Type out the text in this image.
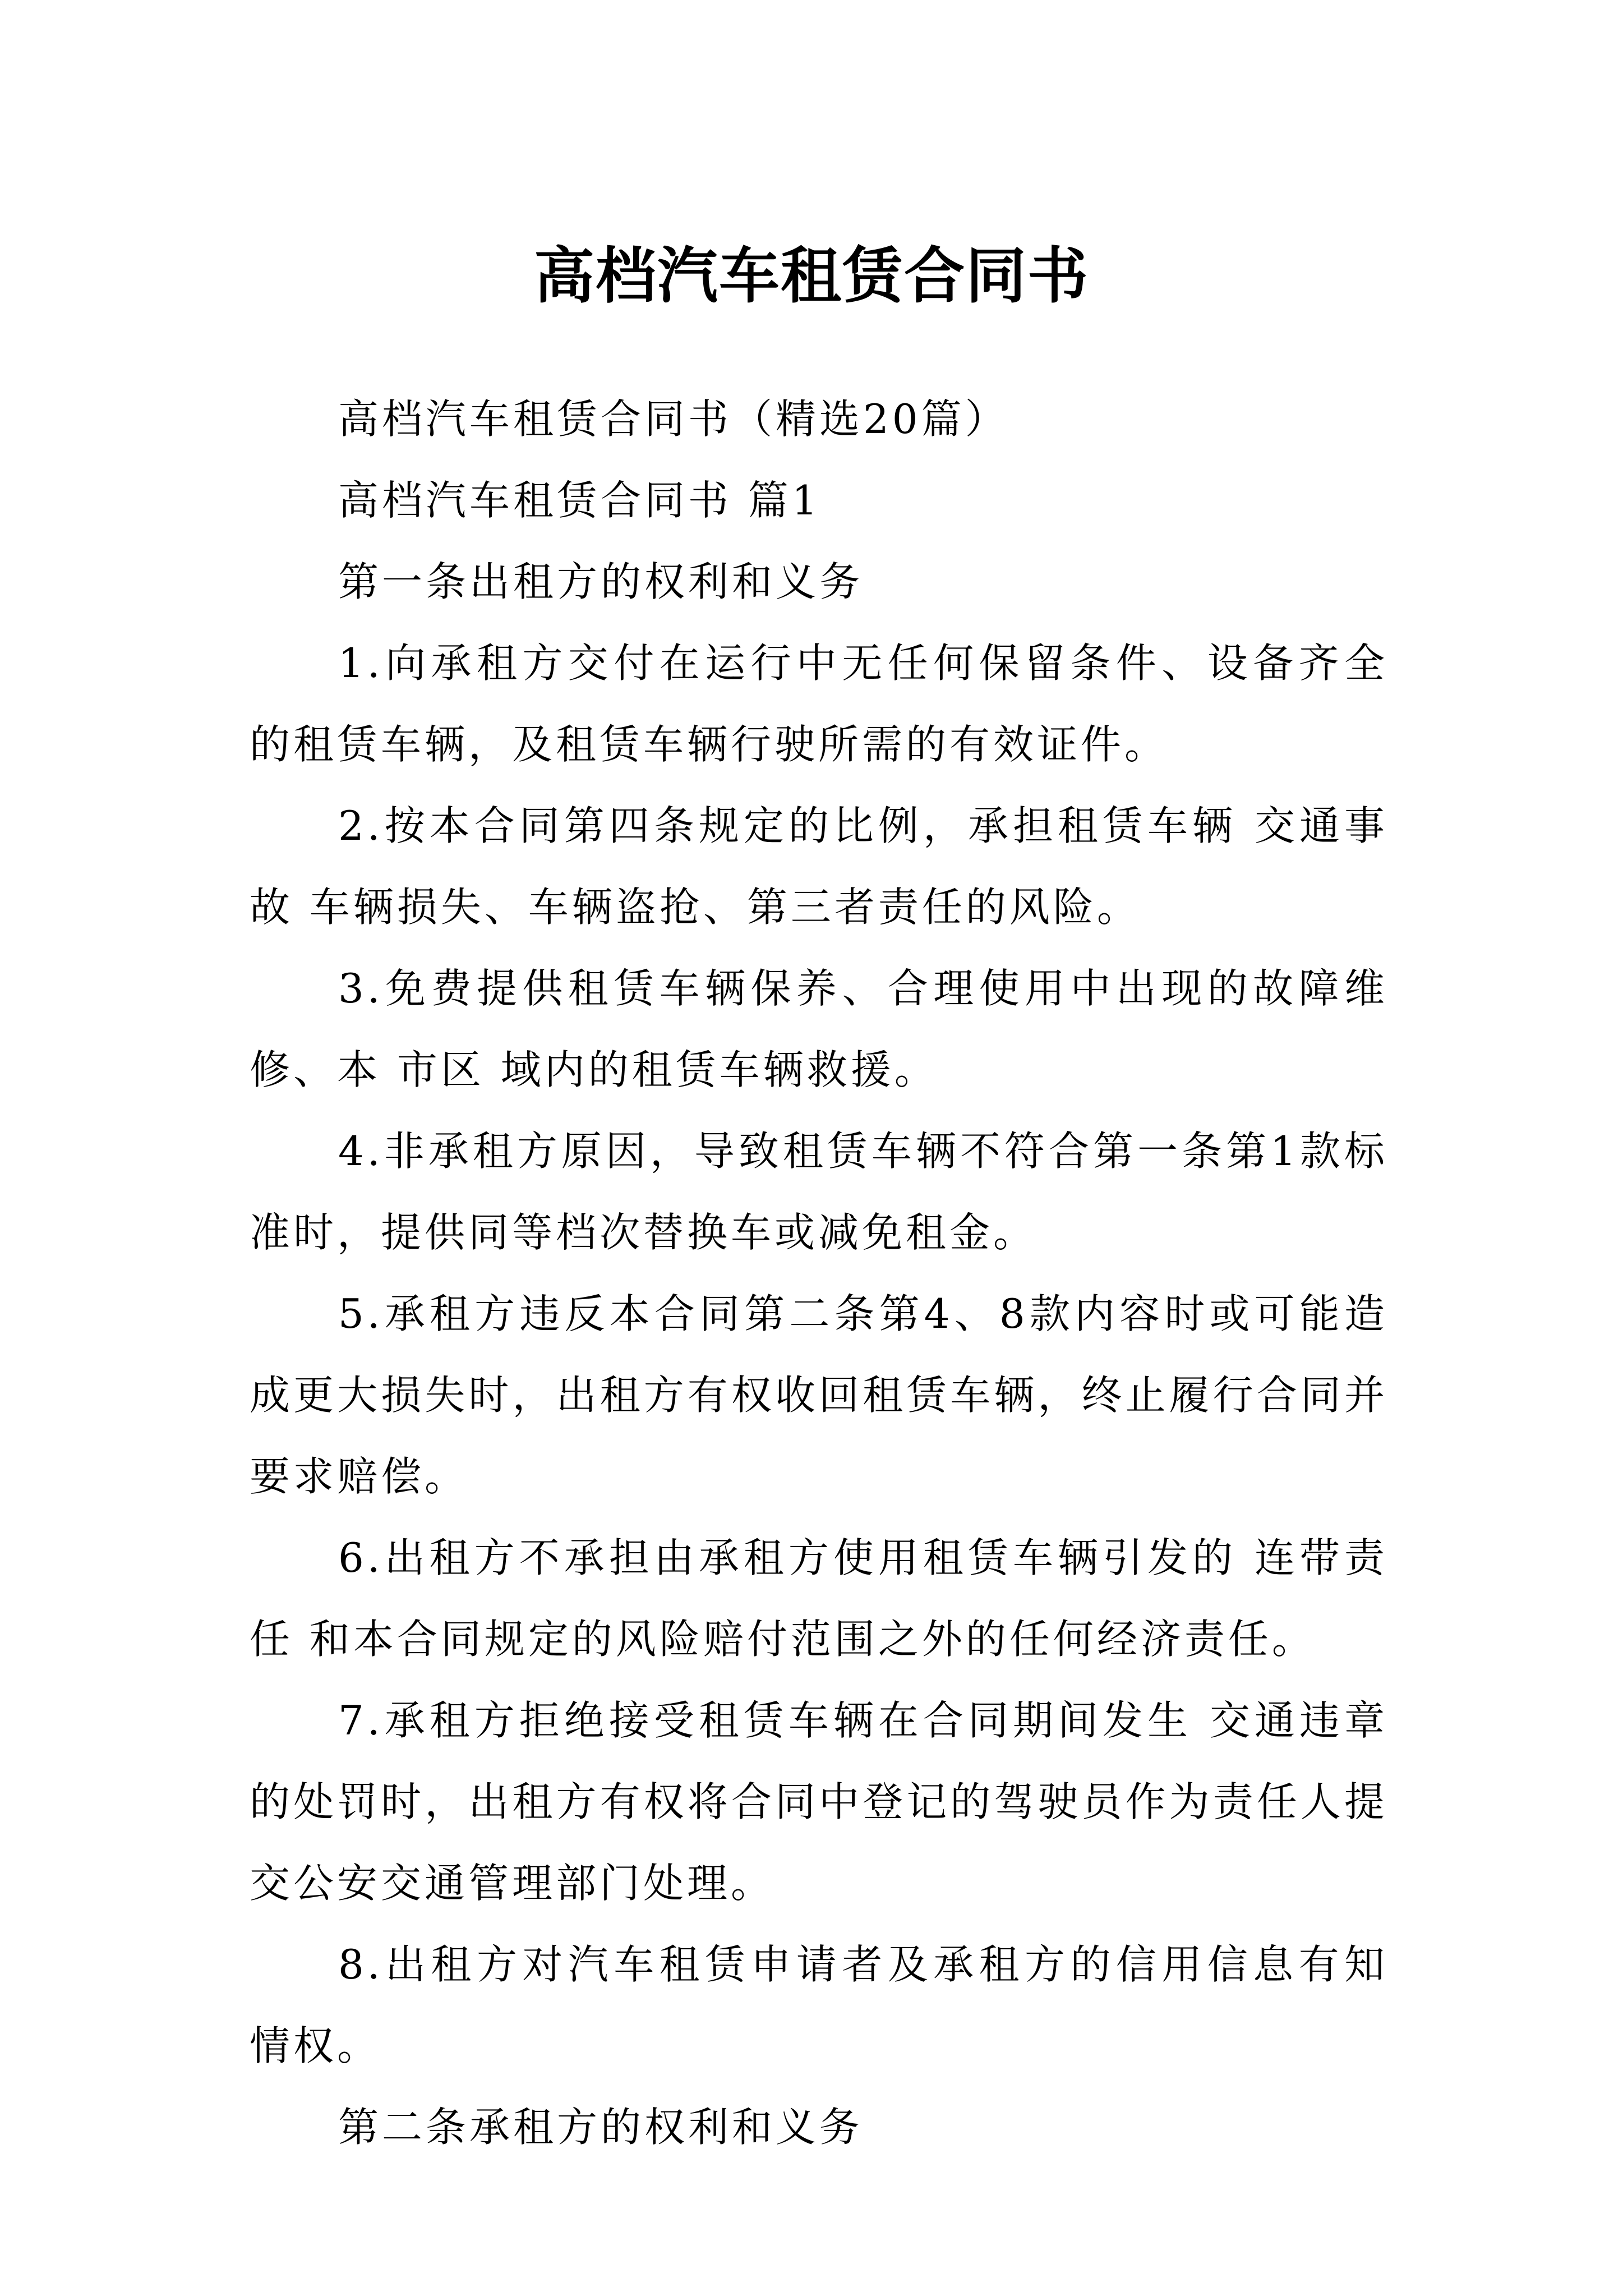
高档汽车租赁合同书

高档汽车租赁合同书（精选20篇）

高档汽车租赁合同书 篇1

第一条出租方的权利和义务

1.向承租方交付在运行中无任何保留条件、设备齐全的租赁车辆，及租赁车辆行驶所需的有效证件。

2.按本合同第四条规定的比例，承担租赁车辆 交通事故 车辆损失、车辆盗抢、第三者责任的风险。

3.免费提供租赁车辆保养、合理使用中出现的故障维修、本 市区 域内的租赁车辆救援。

4.非承租方原因，导致租赁车辆不符合第一条第1款标准时，提供同等档次替换车或减免租金。

5.承租方违反本合同第二条第4、8款内容时或可能造成更大损失时，出租方有权收回租赁车辆，终止履行合同并要求赔偿。

6.出租方不承担由承租方使用租赁车辆引发的 连带责任 和本合同规定的风险赔付范围之外的任何经济责任。

7.承租方拒绝接受租赁车辆在合同期间发生 交通违章 的处罚时，出租方有权将合同中登记的驾驶员作为责任人提交公安交通管理部门处理。

8.出租方对汽车租赁申请者及承租方的信用信息有知情权。

第二条承租方的权利和义务
